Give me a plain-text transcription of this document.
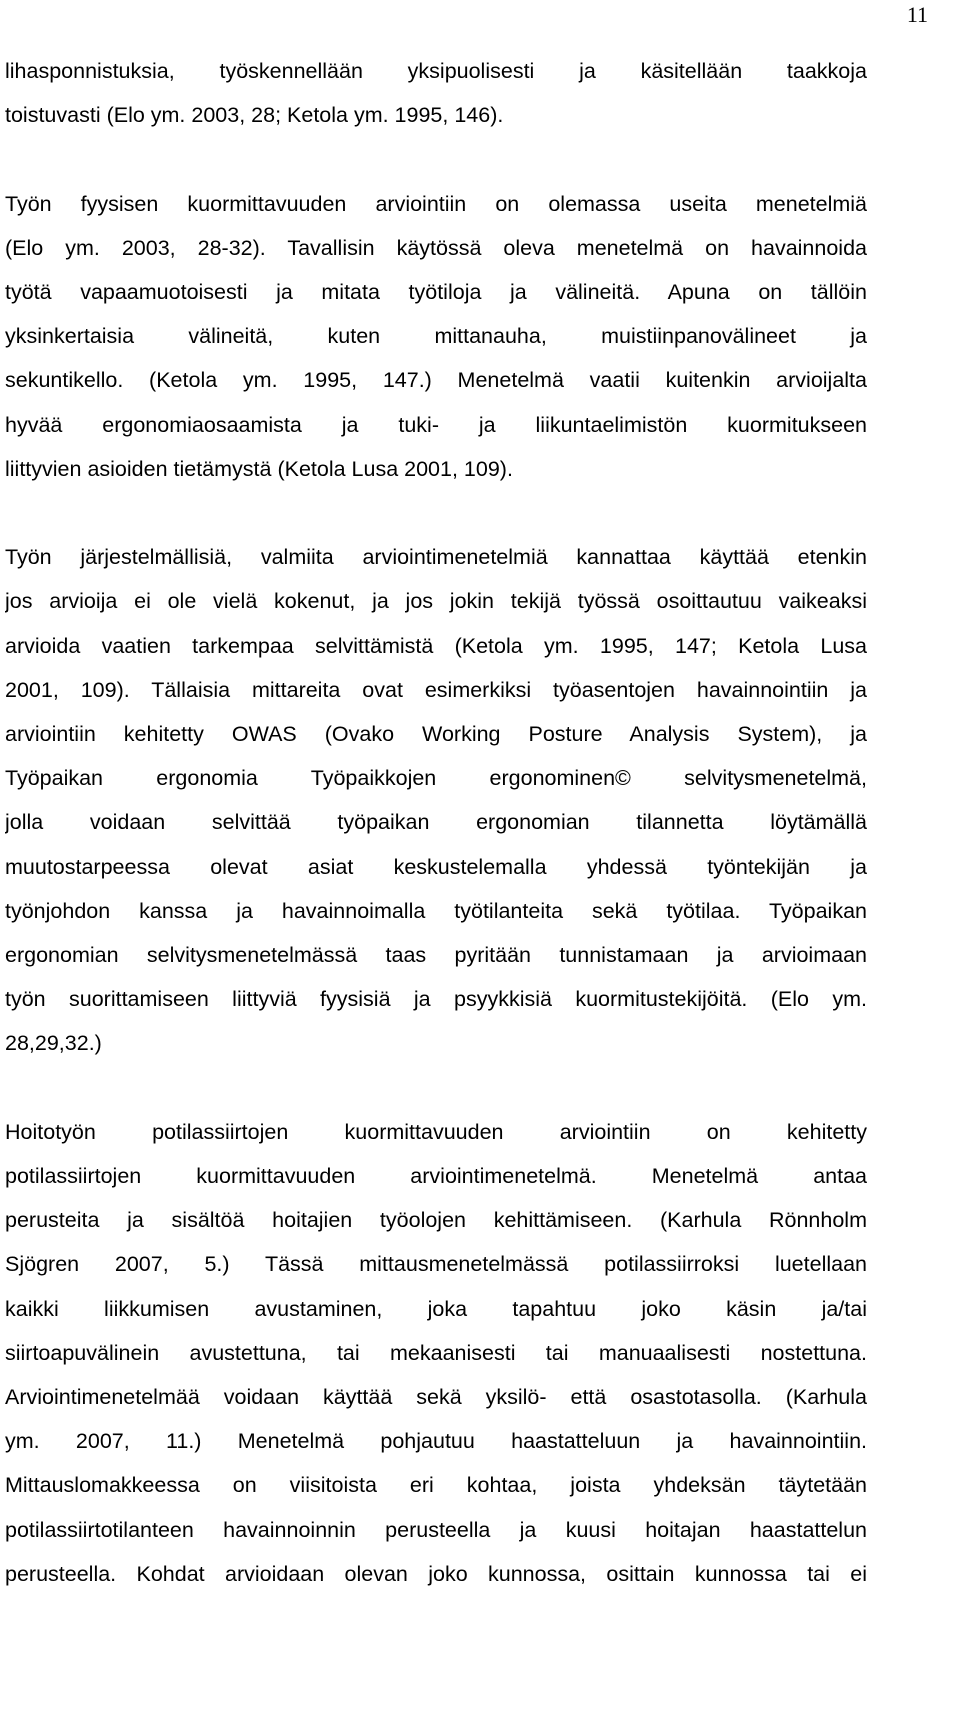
11
lihasponnistuksia, työskennellään yksipuolisesti ja käsitellään taakkoja
toistuvasti (Elo ym. 2003, 28; Ketola ym. 1995, 146).
Työn fyysisen kuormittavuuden arviointiin on olemassa useita menetelmiä
(Elo ym. 2003, 28-32). Tavallisin käytössä oleva menetelmä on havainnoida
työtä vapaamuotoisesti ja mitata työtiloja ja välineitä. Apuna on tällöin
yksinkertaisia välineitä, kuten mittanauha, muistiinpanovälineet ja
sekuntikello. (Ketola ym. 1995, 147.) Menetelmä vaatii kuitenkin arvioijalta
hyvää ergonomiaosaamista ja tuki- ja liikuntaelimistön kuormitukseen
liittyvien asioiden tietämystä (Ketola Lusa 2001, 109).
Työn järjestelmällisiä, valmiita arviointimenetelmiä kannattaa käyttää etenkin
jos arvioija ei ole vielä kokenut, ja jos jokin tekijä työssä osoittautuu vaikeaksi
arvioida vaatien tarkempaa selvittämistä (Ketola ym. 1995, 147; Ketola Lusa
2001, 109). Tällaisia mittareita ovat esimerkiksi työasentojen havainnointiin ja
arviointiin kehitetty OWAS (Ovako Working Posture Analysis System), ja
Työpaikan ergonomia Työpaikkojen ergonominen© selvitysmenetelmä,
jolla voidaan selvittää työpaikan ergonomian tilannetta löytämällä
muutostarpeessa olevat asiat keskustelemalla yhdessä työntekijän ja
työnjohdon kanssa ja havainnoimalla työtilanteita sekä työtilaa. Työpaikan
ergonomian selvitysmenetelmässä taas pyritään tunnistamaan ja arvioimaan
työn suorittamiseen liittyviä fyysisiä ja psyykkisiä kuormitustekijöitä. (Elo ym.
28,29,32.)
Hoitotyön potilassiirtojen kuormittavuuden arviointiin on kehitetty
potilassiirtojen kuormittavuuden arviointimenetelmä. Menetelmä antaa
perusteita ja sisältöä hoitajien työolojen kehittämiseen. (Karhula Rönnholm
Sjögren 2007, 5.) Tässä mittausmenetelmässä potilassiirroksi luetellaan
kaikki liikkumisen avustaminen, joka tapahtuu joko käsin ja/tai
siirtoapuvälinein avustettuna, tai mekaanisesti tai manuaalisesti nostettuna.
Arviointimenetelmää voidaan käyttää sekä yksilö- että osastotasolla. (Karhula
ym. 2007, 11.) Menetelmä pohjautuu haastatteluun ja havainnointiin.
Mittauslomakkeessa on viisitoista eri kohtaa, joista yhdeksän täytetään
potilassiirtotilanteen havainnoinnin perusteella ja kuusi hoitajan haastattelun
perusteella. Kohdat arvioidaan olevan joko kunnossa, osittain kunnossa tai ei
